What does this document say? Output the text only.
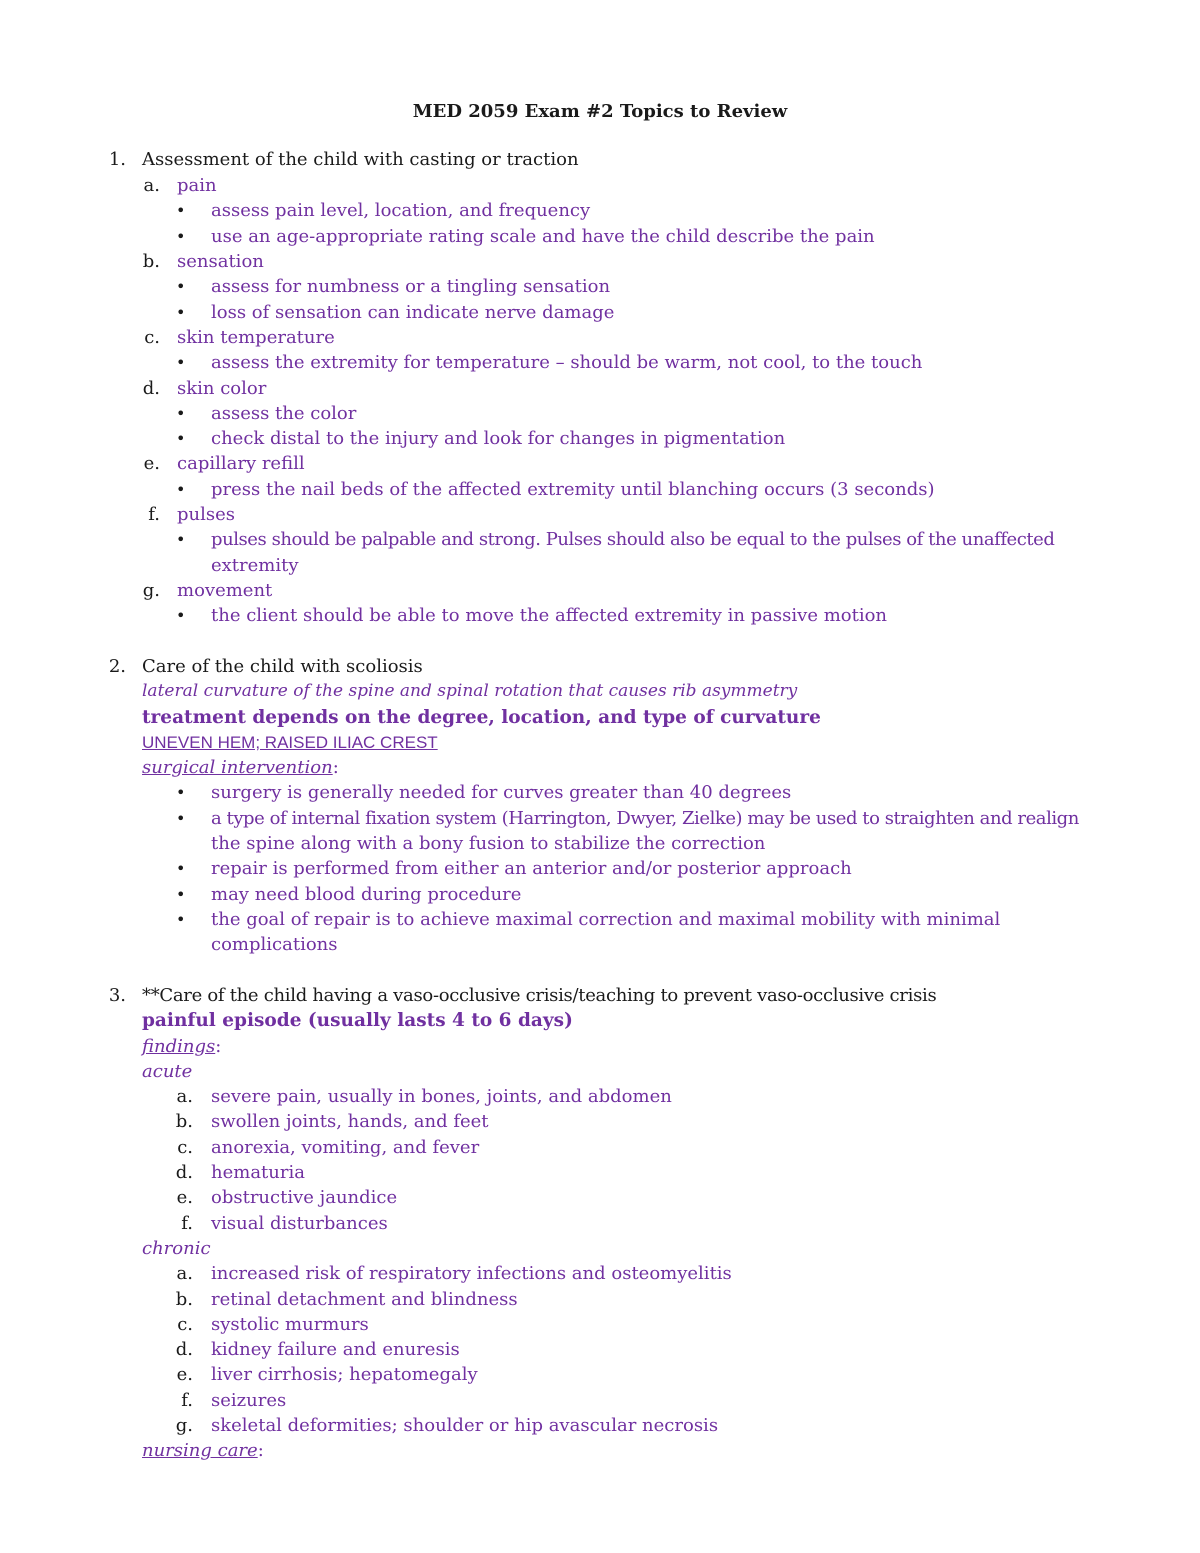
MED 2059 Exam #2 Topics to Review
1. Assessment of the child with casting or traction
a. pain
• assess pain level, location, and frequency
• use an age-appropriate rating scale and have the child describe the pain
b. sensation
• assess for numbness or a tingling sensation
• loss of sensation can indicate nerve damage
c. skin temperature
• assess the extremity for temperature – should be warm, not cool, to the touch
d. skin color
• assess the color
• check distal to the injury and look for changes in pigmentation
e. capillary refill
• press the nail beds of the affected extremity until blanching occurs (3 seconds)
f. pulses
• pulses should be palpable and strong. Pulses should also be equal to the pulses of the unaffected
extremity
g. movement
• the client should be able to move the affected extremity in passive motion
2. Care of the child with scoliosis
lateral curvature of the spine and spinal rotation that causes rib asymmetry
treatment depends on the degree, location, and type of curvature
UNEVEN HEM; RAISED ILIAC CREST
surgical intervention:
• surgery is generally needed for curves greater than 40 degrees
• a type of internal fixation system (Harrington, Dwyer, Zielke) may be used to straighten and realign
the spine along with a bony fusion to stabilize the correction
• repair is performed from either an anterior and/or posterior approach
• may need blood during procedure
• the goal of repair is to achieve maximal correction and maximal mobility with minimal
complications
3. **Care of the child having a vaso-occlusive crisis/teaching to prevent vaso-occlusive crisis
painful episode (usually lasts 4 to 6 days)
findings:
acute
a. severe pain, usually in bones, joints, and abdomen
b. swollen joints, hands, and feet
c. anorexia, vomiting, and fever
d. hematuria
e. obstructive jaundice
f. visual disturbances
chronic
a. increased risk of respiratory infections and osteomyelitis
b. retinal detachment and blindness
c. systolic murmurs
d. kidney failure and enuresis
e. liver cirrhosis; hepatomegaly
f. seizures
g. skeletal deformities; shoulder or hip avascular necrosis
nursing care:
